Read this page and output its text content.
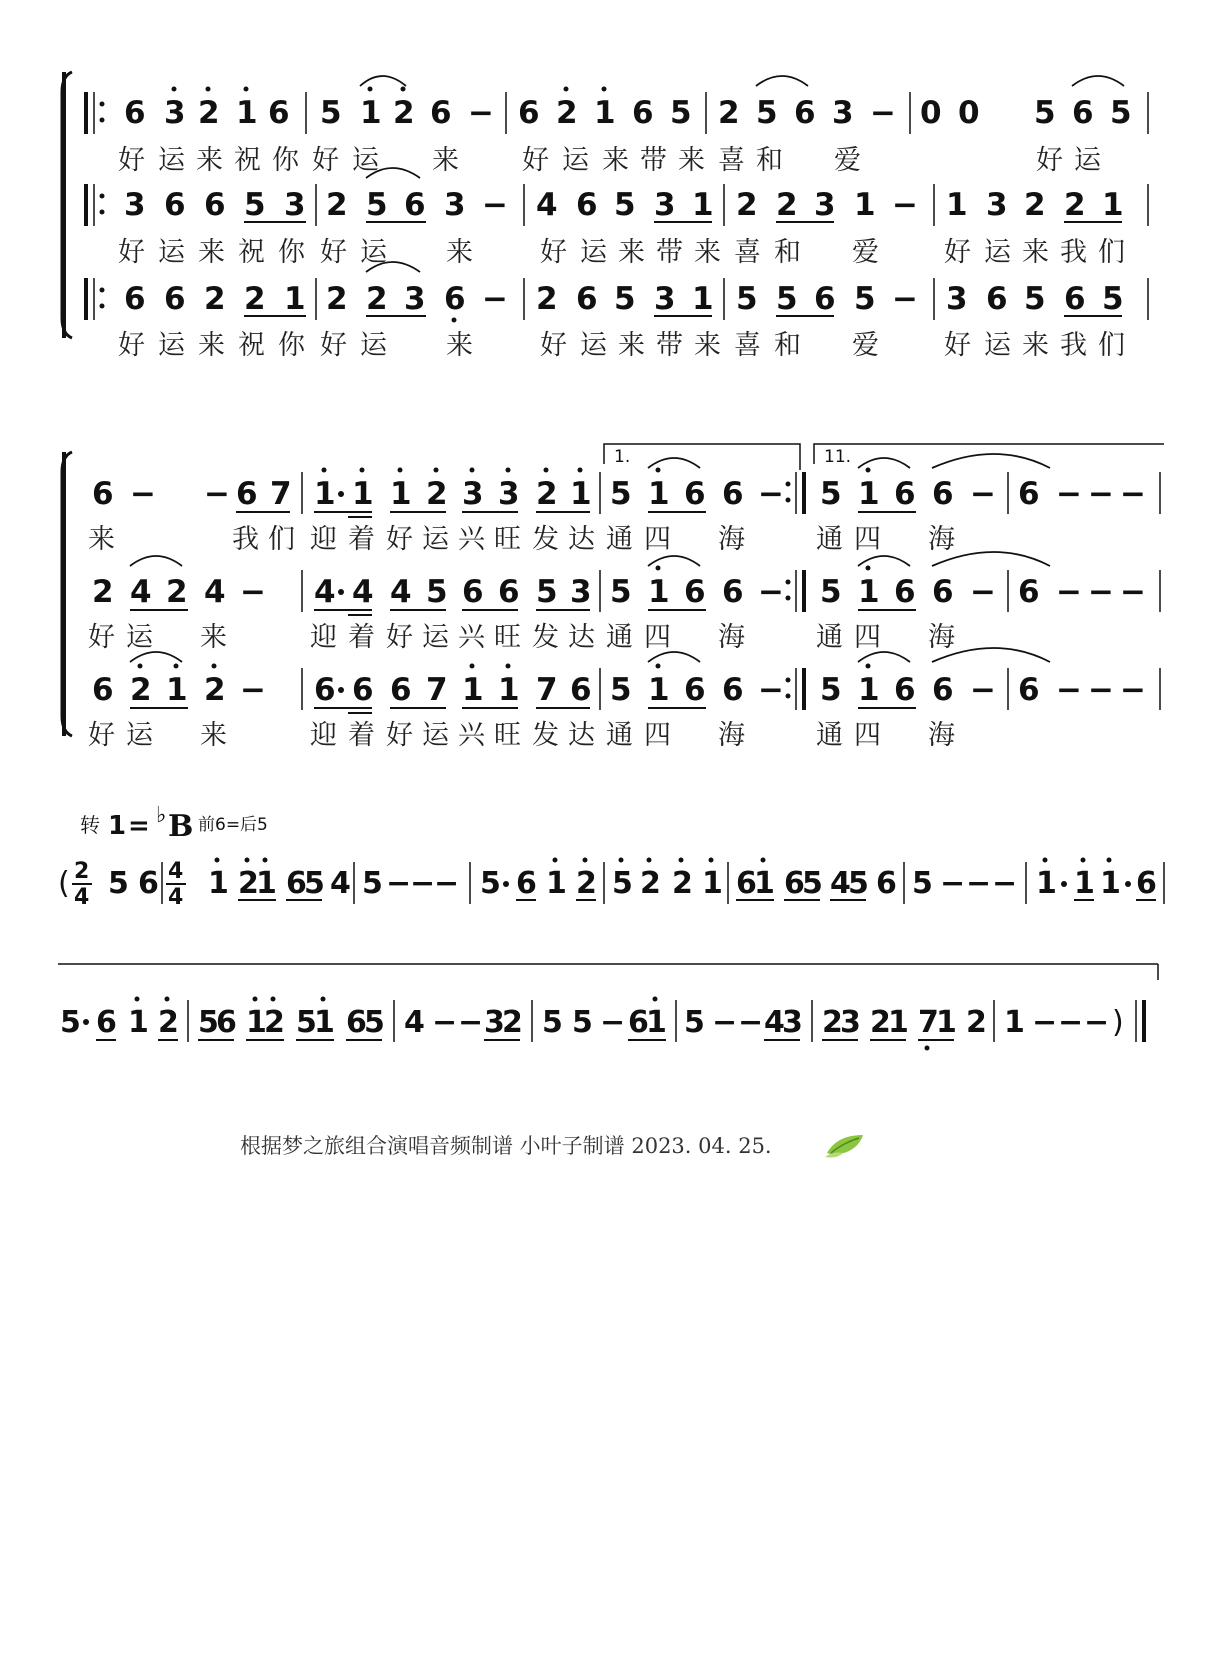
6 3 2 1 6 5 1 2 6 − 6 2 1 6 5 2 5 6 3 − 0 0 5 6 5
好 运 来 祝 你 好 运 来 好 运 来 带 来 喜 和 爱	好 运
3 6 6 5 3 2 5 6 3 − 4 6 5 3 1 2 2 3 1 − 1 3 2 2 1
好 运 来 祝 你 好 运 来 好 运 来 带 来 喜 和 爱 好 运 来 我 们
6 6 2 2 1 2 2 3 6 − 2 6 5 3 1 5 5 6 5 − 3 6 5 6 5
好 运 来 祝 你 好 运 来 好 运 来 带 来 喜 和 爱 好 运 来 我 们
1.	11.
6 − − 6 7 1 1 1 2 3 3 2 1 5 1 6 6 − 5 1 6 6 − 6 − − −
来	我 们 迎 着 好 运 兴 旺 发 达 通 四 海	通 四 海
2 4 2 4 − 4 4 4 5 6 6 5 3 5 1 6 6 − 5 1 6 6 − 6 − − −
好 运 来	迎 着 好 运 兴 旺 发 达 通 四 海	通 四 海
6 2 1 2 − 6 6 6 7 1 1 7 6 5 1 6 6 − 5 1 6 6 − 6 − − −
好 运 来	迎 着 好 运 兴 旺 发 达 通 四 海	通 四 海
转 1 = ♭ B 前6=后5
( 2
4 5 6 4
4 1 2
1 6
5 4 5 −
−
− 5 6 1 2 5 2 2 1 6
1 6
5 4
5 6 5 − − − 1 1 1 6
5 6 1 2 5
6 1
2 5
1 6
5 4 − − 3
2 5 5 − 6
1 5 − − 4
3 2
3 2
1 7
1 2 1 − − − )
根据梦之旅组合演唱音频制谱 小叶子制谱 2023. 04. 25.
